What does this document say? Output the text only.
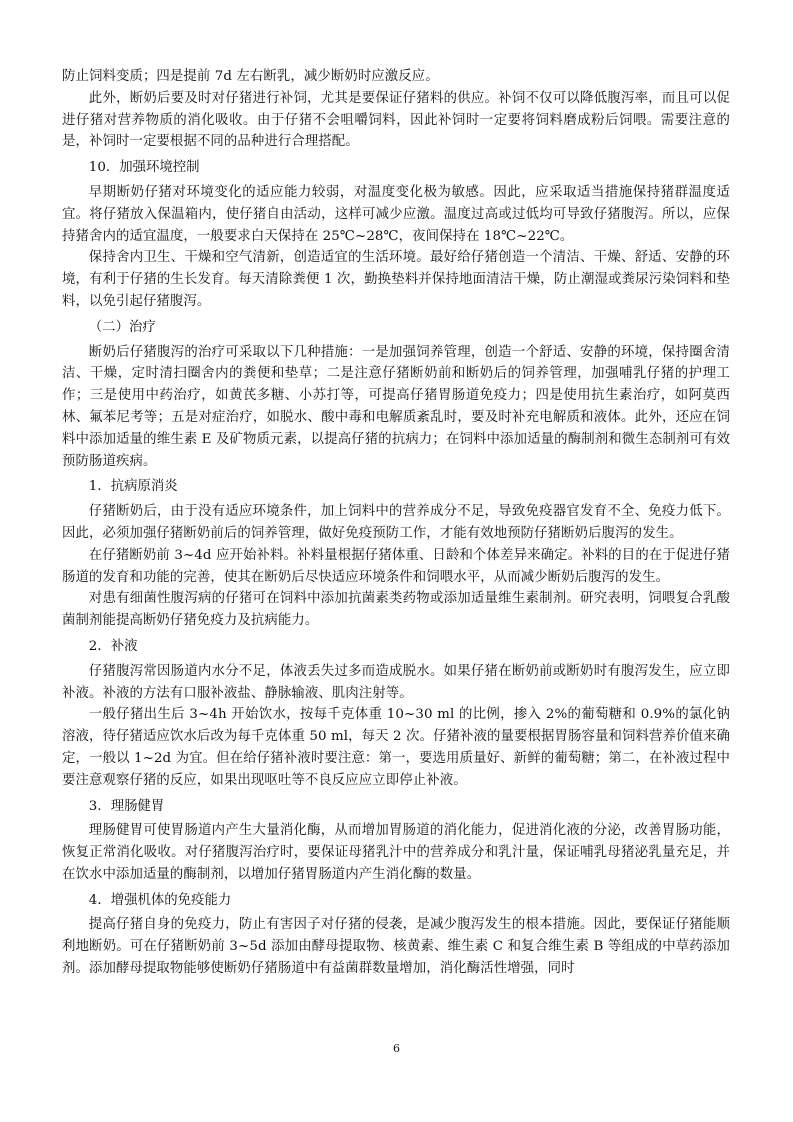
防止饲料变质；四是提前 7d 左右断乳，减少断奶时应激反应。

此外，断奶后要及时对仔猪进行补饲，尤其是要保证仔猪料的供应。补饲不仅可以降低腹泻率，而且可以促进仔猪对营养物质的消化吸收。由于仔猪不会咀嚼饲料，因此补饲时一定要将饲料磨成粉后饲喂。需要注意的是，补饲时一定要根据不同的品种进行合理搭配。

10．加强环境控制

早期断奶仔猪对环境变化的适应能力较弱，对温度变化极为敏感。因此，应采取适当措施保持猪群温度适宜。将仔猪放入保温箱内，使仔猪自由活动，这样可减少应激。温度过高或过低均可导致仔猪腹泻。所以，应保持猪舍内的适宜温度，一般要求白天保持在 25℃~28℃，夜间保持在 18℃~22℃。

保持舍内卫生、干燥和空气清新，创造适宜的生活环境。最好给仔猪创造一个清洁、干燥、舒适、安静的环境，有利于仔猪的生长发育。每天清除粪便 1 次，勤换垫料并保持地面清洁干燥，防止潮湿或粪尿污染饲料和垫料，以免引起仔猪腹泻。

（二）治疗

断奶后仔猪腹泻的治疗可采取以下几种措施：一是加强饲养管理，创造一个舒适、安静的环境，保持圈舍清洁、干燥，定时清扫圈舍内的粪便和垫草；二是注意仔猪断奶前和断奶后的饲养管理，加强哺乳仔猪的护理工作；三是使用中药治疗，如黄芪多糖、小苏打等，可提高仔猪胃肠道免疫力；四是使用抗生素治疗，如阿莫西林、氟苯尼考等；五是对症治疗，如脱水、酸中毒和电解质紊乱时，要及时补充电解质和液体。此外，还应在饲料中添加适量的维生素 E 及矿物质元素，以提高仔猪的抗病力；在饲料中添加适量的酶制剂和微生态制剂可有效预防肠道疾病。

1．抗病原消炎

仔猪断奶后，由于没有适应环境条件，加上饲料中的营养成分不足，导致免疫器官发育不全、免疫力低下。因此，必须加强仔猪断奶前后的饲养管理，做好免疫预防工作，才能有效地预防仔猪断奶后腹泻的发生。

在仔猪断奶前 3~4d 应开始补料。补料量根据仔猪体重、日龄和个体差异来确定。补料的目的在于促进仔猪肠道的发育和功能的完善，使其在断奶后尽快适应环境条件和饲喂水平，从而减少断奶后腹泻的发生。

对患有细菌性腹泻病的仔猪可在饲料中添加抗菌素类药物或添加适量维生素制剂。研究表明，饲喂复合乳酸菌制剂能提高断奶仔猪免疫力及抗病能力。

2．补液

仔猪腹泻常因肠道内水分不足，体液丢失过多而造成脱水。如果仔猪在断奶前或断奶时有腹泻发生，应立即补液。补液的方法有口服补液盐、静脉输液、肌肉注射等。

一般仔猪出生后 3~4h 开始饮水，按每千克体重 10~30 ml 的比例，掺入 2%的葡萄糖和 0.9%的氯化钠溶液，待仔猪适应饮水后改为每千克体重 50 ml，每天 2 次。仔猪补液的量要根据胃肠容量和饲料营养价值来确定，一般以 1~2d 为宜。但在给仔猪补液时要注意：第一，要选用质量好、新鲜的葡萄糖；第二，在补液过程中要注意观察仔猪的反应，如果出现呕吐等不良反应应立即停止补液。

3．理肠健胃

理肠健胃可使胃肠道内产生大量消化酶，从而增加胃肠道的消化能力，促进消化液的分泌，改善胃肠功能，恢复正常消化吸收。对仔猪腹泻治疗时，要保证母猪乳汁中的营养成分和乳汁量，保证哺乳母猪泌乳量充足，并在饮水中添加适量的酶制剂，以增加仔猪胃肠道内产生消化酶的数量。

4．增强机体的免疫能力

提高仔猪自身的免疫力，防止有害因子对仔猪的侵袭，是减少腹泻发生的根本措施。因此，要保证仔猪能顺利地断奶。可在仔猪断奶前 3~5d 添加由酵母提取物、核黄素、维生素 C 和复合维生素 B 等组成的中草药添加剂。添加酵母提取物能够使断奶仔猪肠道中有益菌群数量增加，消化酶活性增强，同时

6
